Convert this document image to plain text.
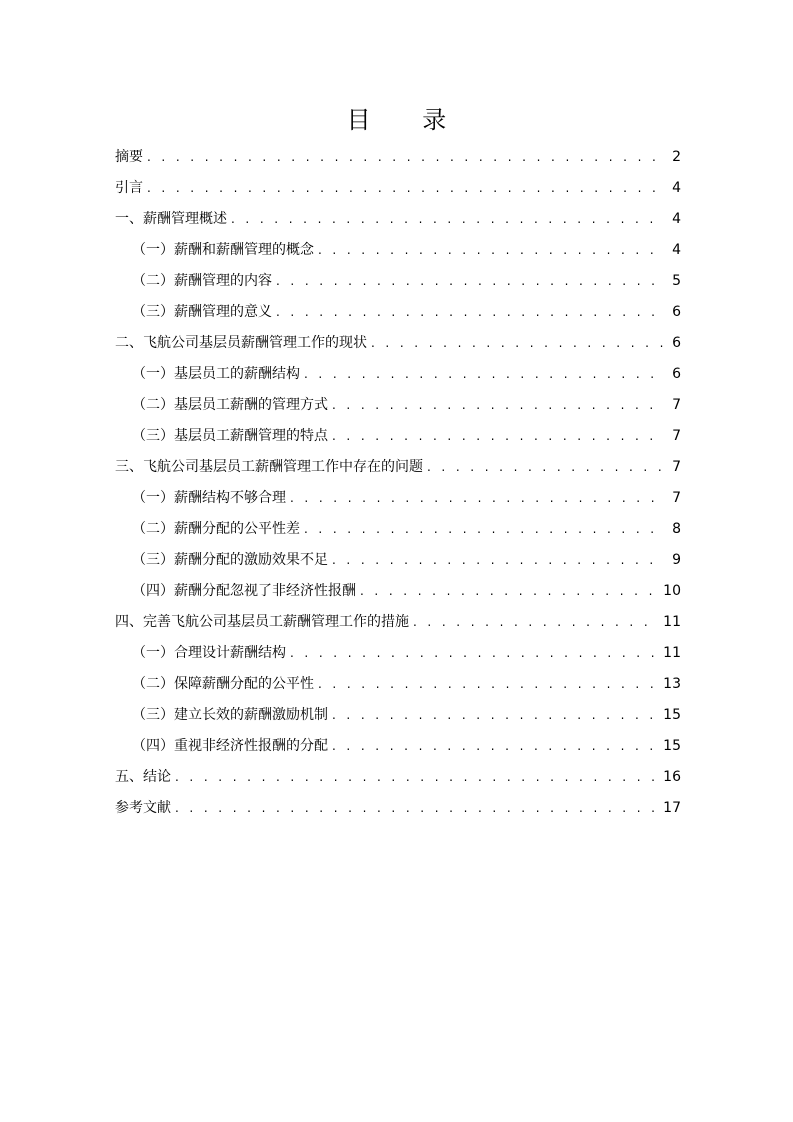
目 录
摘要 . . .	2
引言 . . .	4
一、薪酬管理概述 . . .	4
（一）薪酬和薪酬管理的概念 . . .	4
（二）薪酬管理的内容 . . .	5
（三）薪酬管理的意义 . . .	6
二、飞航公司基层员薪酬管理工作的现状 . . .	6
（一）基层员工的薪酬结构 . . .	6
（二）基层员工薪酬的管理方式 . . .	7
（三）基层员工薪酬管理的特点 . . .	7
三、飞航公司基层员工薪酬管理工作中存在的问题 . . .	7
（一）薪酬结构不够合理 . . .	7
（二）薪酬分配的公平性差 . . .	8
（三）薪酬分配的激励效果不足 . . .	9
（四）薪酬分配忽视了非经济性报酬 . . .	10
四、完善飞航公司基层员工薪酬管理工作的措施 . . .	11
（一）合理设计薪酬结构 . . .	11
（二）保障薪酬分配的公平性 . . .	13
（三）建立长效的薪酬激励机制 . . .	15
（四）重视非经济性报酬的分配 . . .	15
五、结论 . . .	16
参考文献 . . .	17
